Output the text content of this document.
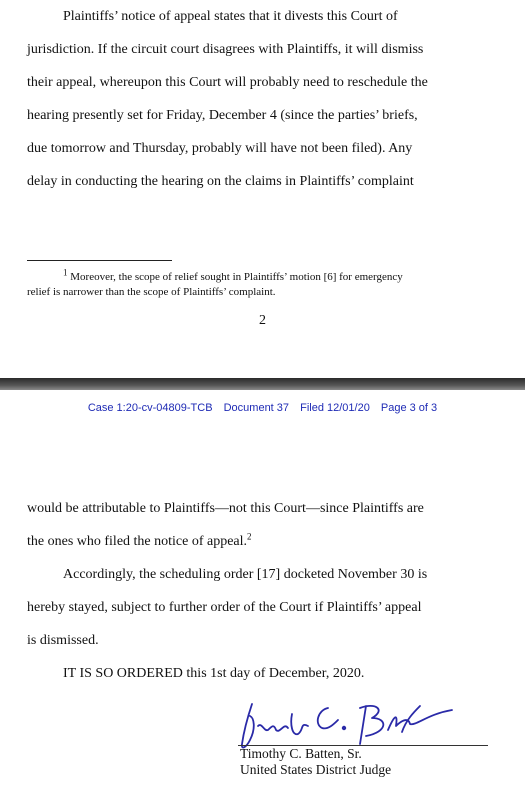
Plaintiffs’ notice of appeal states that it divests this Court of
jurisdiction. If the circuit court disagrees with Plaintiffs, it will dismiss
their appeal, whereupon this Court will probably need to reschedule the
hearing presently set for Friday, December 4 (since the parties’ briefs,
due tomorrow and Thursday, probably will have not been filed). Any
delay in conducting the hearing on the claims in Plaintiffs’ complaint

$^1$ Moreover, the scope of relief sought in Plaintiffs’ motion [6] for emergency
relief is narrower than the scope of Plaintiffs’ complaint.
2
Case 1:20-cv-04809-TCB Document 37 Filed 12/01/20 Page 3 of 3

would be attributable to Plaintiffs—not this Court—since Plaintiffs are
the ones who filed the notice of appeal.$^2$

Accordingly, the scheduling order [17] docketed November 30 is
hereby stayed, subject to further order of the Court if Plaintiffs’ appeal
is dismissed.

IT IS SO ORDERED this 1st day of December, 2020.

Timothy C. Batten, Sr.
United States District Judge
